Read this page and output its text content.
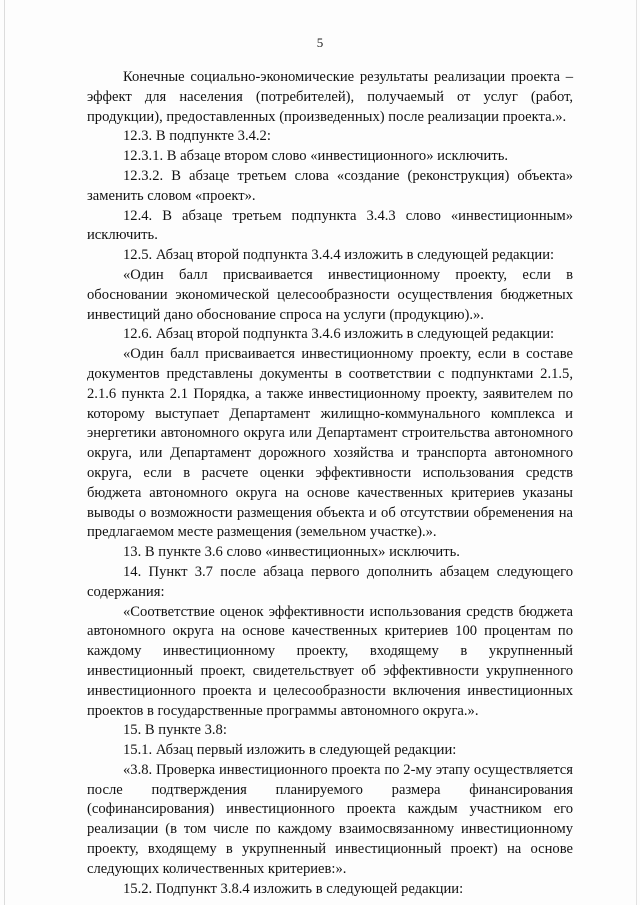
5

Конечные социально-экономические результаты реализации проекта – эффект для населения (потребителей), получаемый от услуг (работ, продукции), предоставленных (произведенных) после реализации проекта.».

12.3. В подпункте 3.4.2:

12.3.1. В абзаце втором слово «инвестиционного» исключить.

12.3.2. В абзаце третьем слова «создание (реконструкция) объекта» заменить словом «проект».

12.4. В абзаце третьем подпункта 3.4.3 слово «инвестиционным» исключить.

12.5. Абзац второй подпункта 3.4.4 изложить в следующей редакции:

«Один балл присваивается инвестиционному проекту, если в обосновании экономической целесообразности осуществления бюджетных инвестиций дано обоснование спроса на услуги (продукцию).».

12.6. Абзац второй подпункта 3.4.6 изложить в следующей редакции:

«Один балл присваивается инвестиционному проекту, если в составе документов представлены документы в соответствии с подпунктами 2.1.5, 2.1.6 пункта 2.1 Порядка, а также инвестиционному проекту, заявителем по которому выступает Департамент жилищно-коммунального комплекса и энергетики автономного округа или Департамент строительства автономного округа, или Департамент дорожного хозяйства и транспорта автономного округа, если в расчете оценки эффективности использования средств бюджета автономного округа на основе качественных критериев указаны выводы о возможности размещения объекта и об отсутствии обременения на предлагаемом месте размещения (земельном участке).».

13. В пункте 3.6 слово «инвестиционных» исключить.

14. Пункт 3.7 после абзаца первого дополнить абзацем следующего содержания:

«Соответствие оценок эффективности использования средств бюджета автономного округа на основе качественных критериев 100 процентам по каждому инвестиционному проекту, входящему в укрупненный инвестиционный проект, свидетельствует об эффективности укрупненного инвестиционного проекта и целесообразности включения инвестиционных проектов в государственные программы автономного округа.».

15. В пункте 3.8:

15.1. Абзац первый изложить в следующей редакции:

«3.8. Проверка инвестиционного проекта по 2-му этапу осуществляется после подтверждения планируемого размера финансирования (софинансирования) инвестиционного проекта каждым участником его реализации (в том числе по каждому взаимосвязанному инвестиционному проекту, входящему в укрупненный инвестиционный проект) на основе следующих количественных критериев:».

15.2. Подпункт 3.8.4 изложить в следующей редакции:
